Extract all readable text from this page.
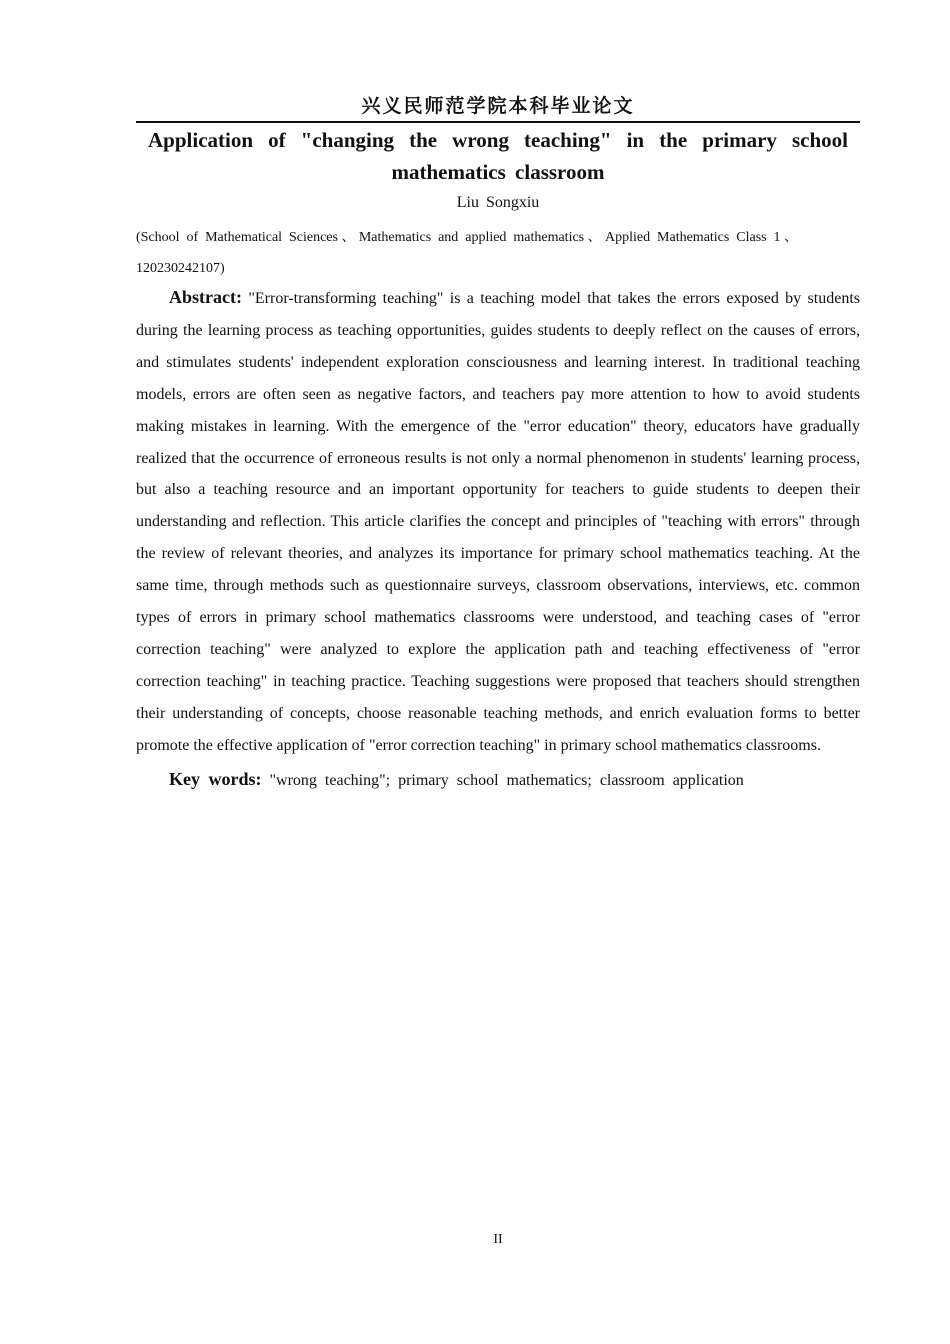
兴义民师范学院本科毕业论文
Application of "changing the wrong teaching" in the primary school
mathematics classroom
Liu Songxiu
(School of Mathematical Sciences、Mathematics and applied mathematics、Applied Mathematics Class 1、120230242107)

Abstract: "Error-transforming teaching" is a teaching model that takes the errors exposed by students during the learning process as teaching opportunities, guides students to deeply reflect on the causes of errors, and stimulates students' independent exploration consciousness and learning interest. In traditional teaching models, errors are often seen as negative factors, and teachers pay more attention to how to avoid students making mistakes in learning. With the emergence of the "error education" theory, educators have gradually realized that the occurrence of erroneous results is not only a normal phenomenon in students' learning process, but also a teaching resource and an important opportunity for teachers to guide students to deepen their understanding and reflection. This article clarifies the concept and principles of "teaching with errors" through the review of relevant theories, and analyzes its importance for primary school mathematics teaching. At the same time, through methods such as questionnaire surveys, classroom observations, interviews, etc. common types of errors in primary school mathematics classrooms were understood, and teaching cases of "error correction teaching" were analyzed to explore the application path and teaching effectiveness of "error correction teaching" in teaching practice. Teaching suggestions were proposed that teachers should strengthen their understanding of concepts, choose reasonable teaching methods, and enrich evaluation forms to better promote the effective application of "error correction teaching" in primary school mathematics classrooms.

Key words: "wrong teaching"; primary school mathematics; classroom application

II
